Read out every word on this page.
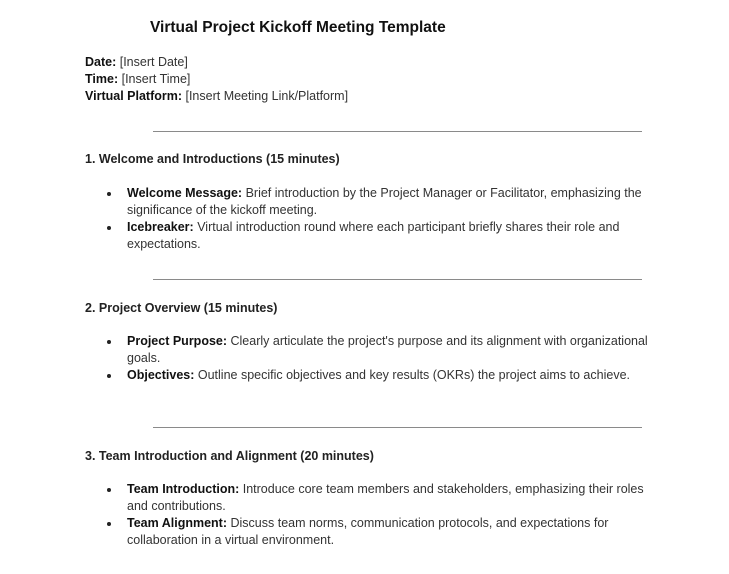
Virtual Project Kickoff Meeting Template
Date: [Insert Date]
Time: [Insert Time]
Virtual Platform: [Insert Meeting Link/Platform]
1. Welcome and Introductions (15 minutes)
Welcome Message: Brief introduction by the Project Manager or Facilitator, emphasizing the significance of the kickoff meeting.
Icebreaker: Virtual introduction round where each participant briefly shares their role and expectations.
2. Project Overview (15 minutes)
Project Purpose: Clearly articulate the project's purpose and its alignment with organizational goals.
Objectives: Outline specific objectives and key results (OKRs) the project aims to achieve.
3. Team Introduction and Alignment (20 minutes)
Team Introduction: Introduce core team members and stakeholders, emphasizing their roles and contributions.
Team Alignment: Discuss team norms, communication protocols, and expectations for collaboration in a virtual environment.
